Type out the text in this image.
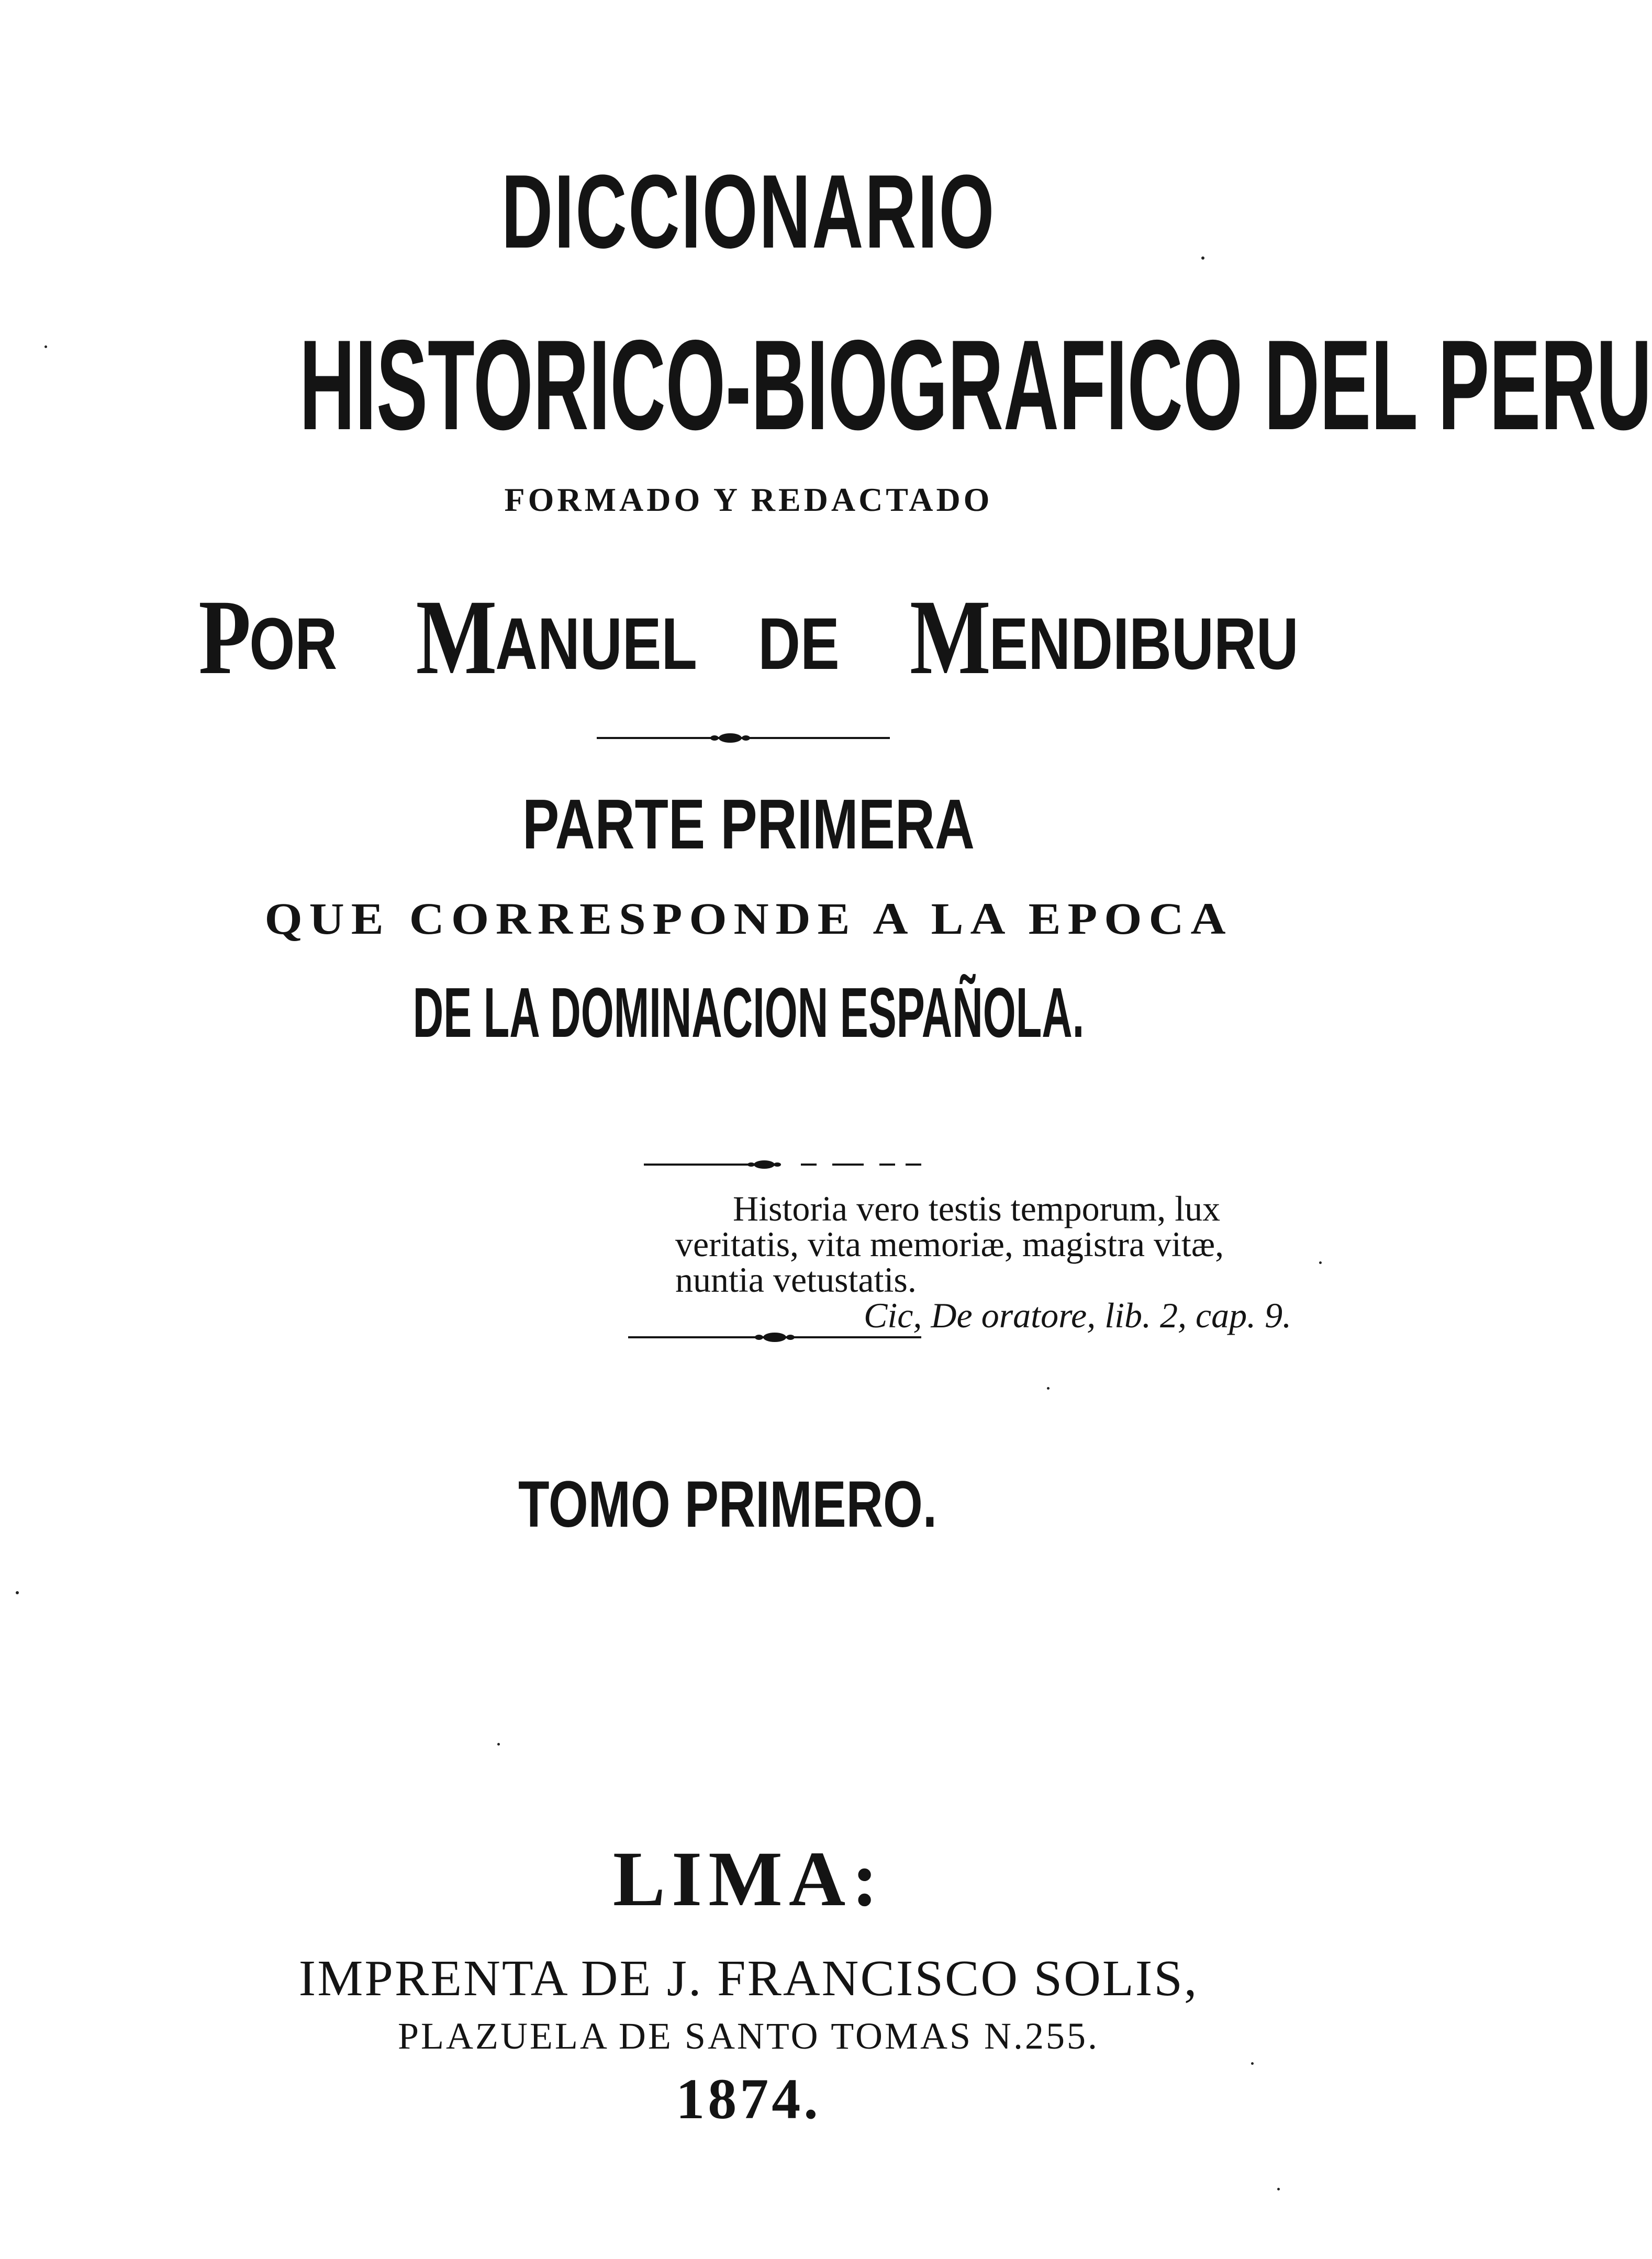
DICCIONARIO
HISTORICO-BIOGRAFICO DEL PERU
FORMADO Y REDACTADO
POR MANUEL DE MENDIBURU
PARTE PRIMERA
QUE CORRESPONDE A LA EPOCA
DE LA DOMINACION ESPAÑOLA.
Historia vero testis temporum, lux
veritatis, vita memoriæ, magistra vitæ,
nuntia vetustatis.
Cic, De oratore, lib. 2, cap. 9.
TOMO PRIMERO.
LIMA:
IMPRENTA DE J. FRANCISCO SOLIS,
PLAZUELA DE SANTO TOMAS N.255.
1874.
